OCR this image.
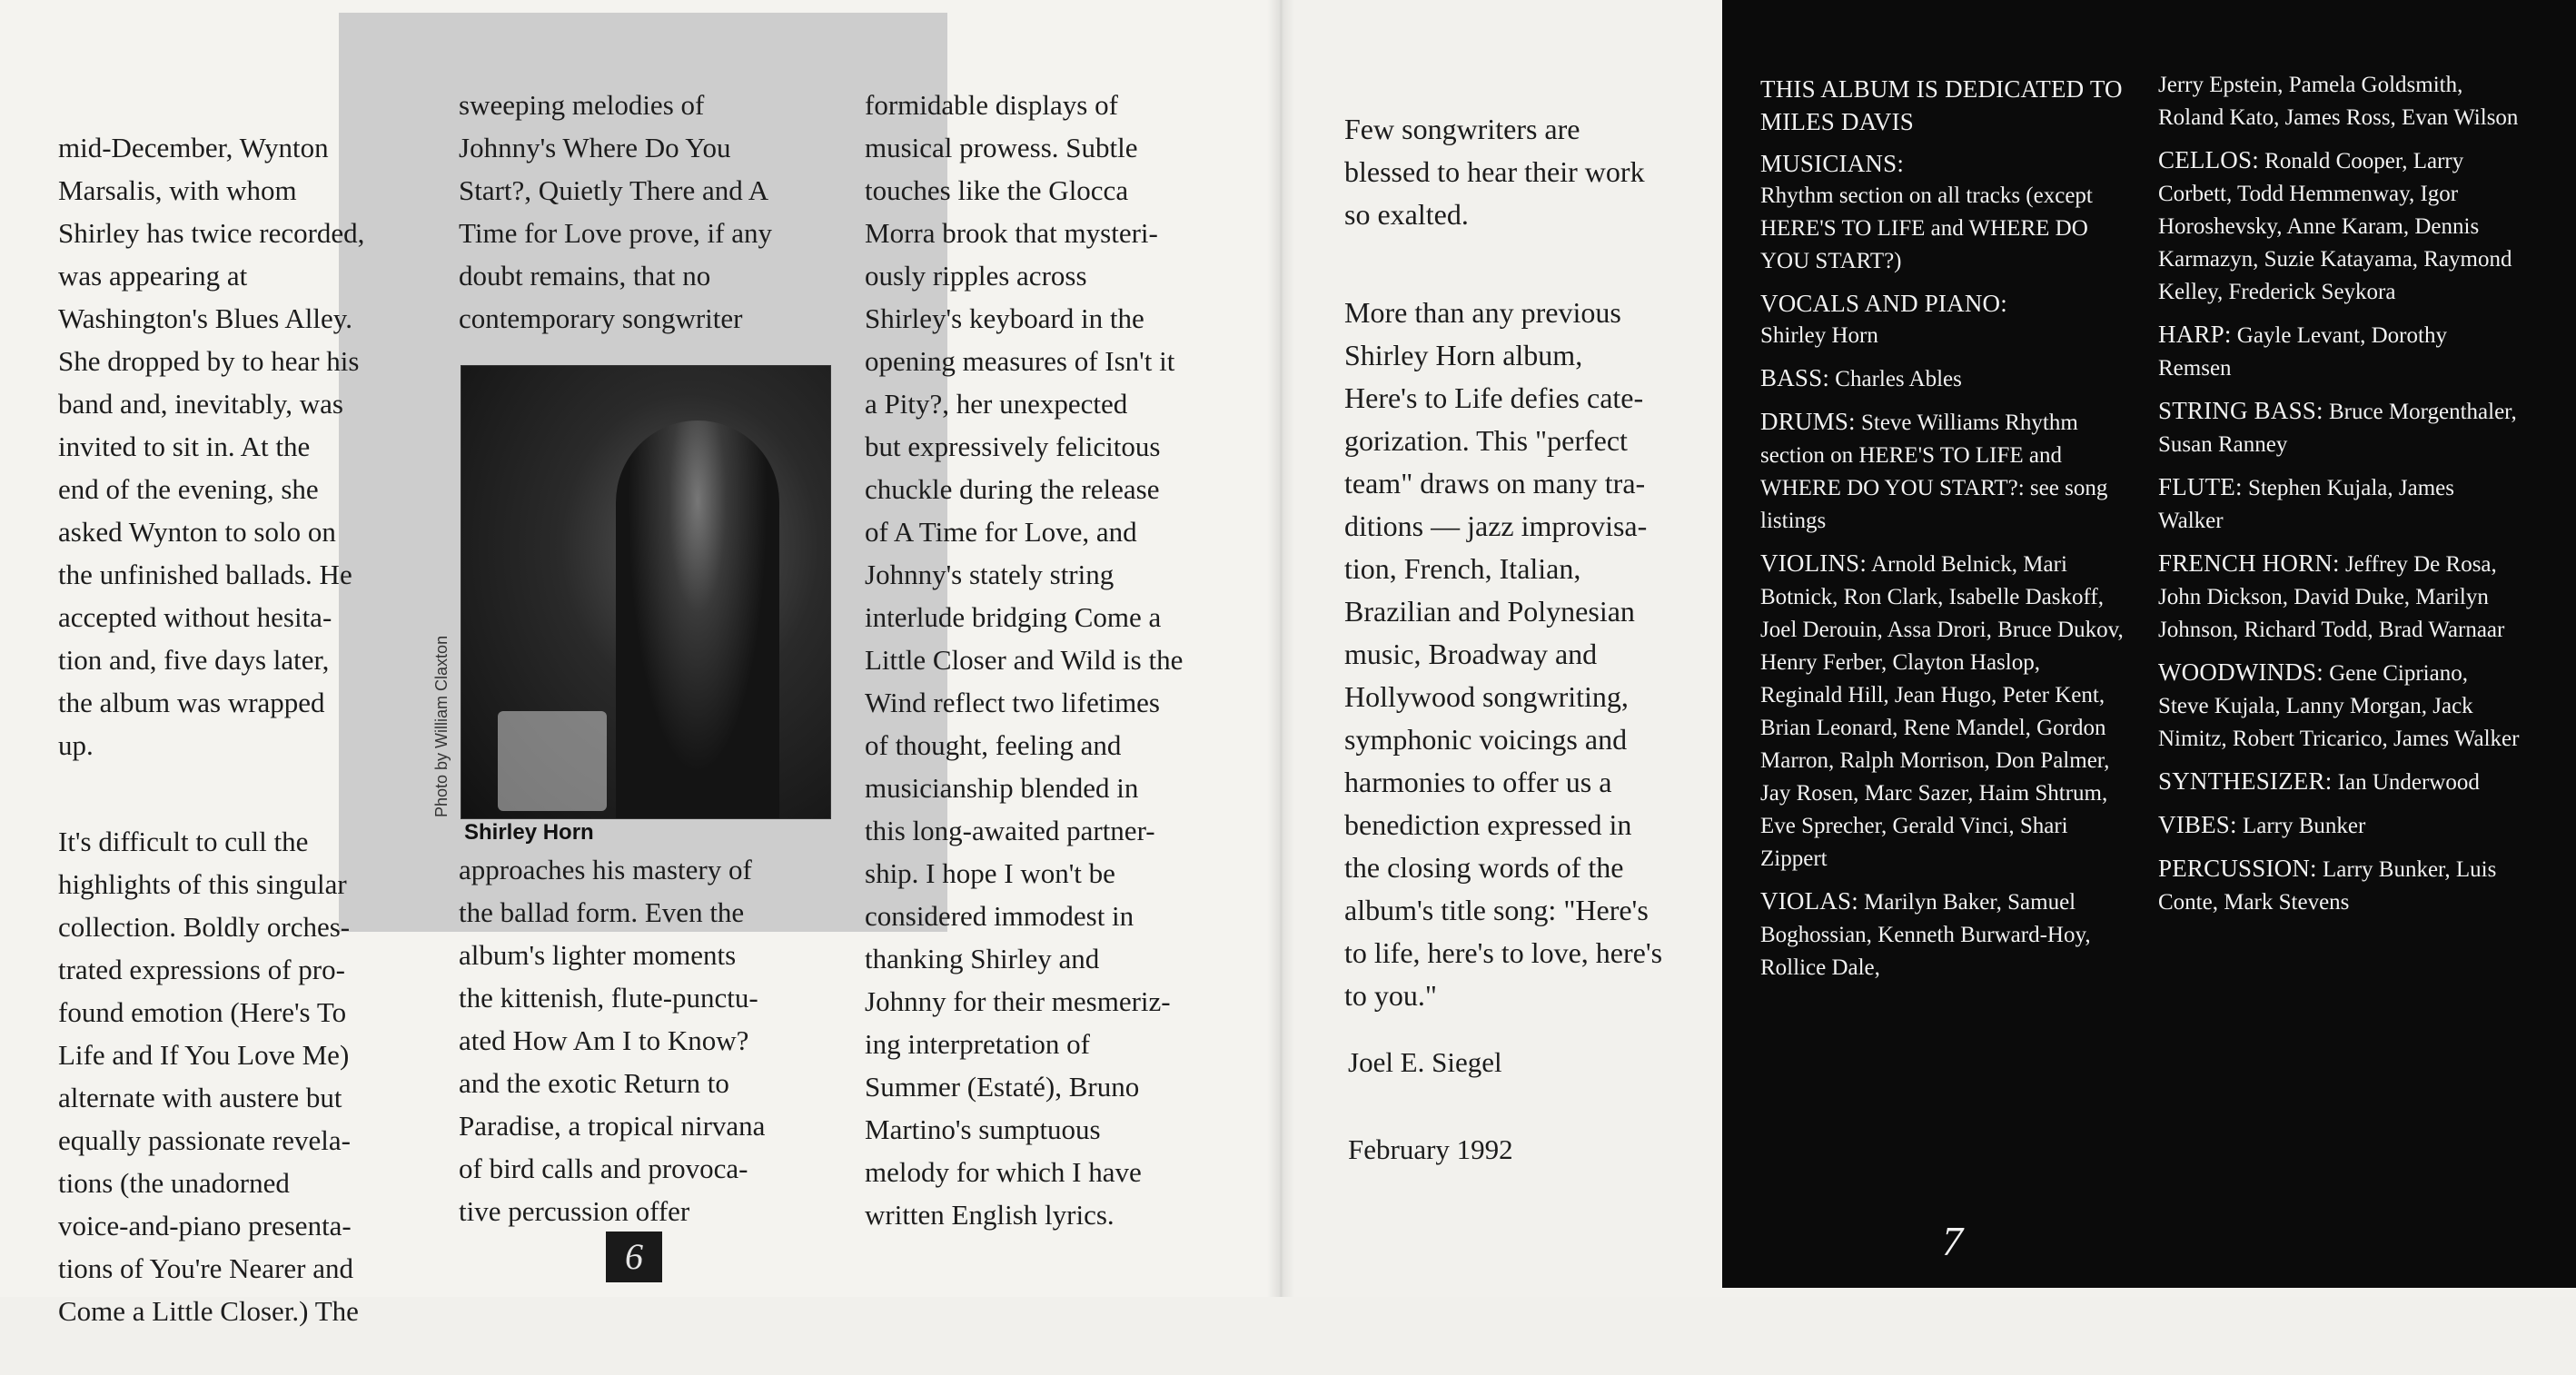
mid-December, Wynton
Marsalis, with whom
Shirley has twice recorded,
was appearing at
Washington's Blues Alley.
She dropped by to hear his
band and, inevitably, was
invited to sit in. At the
end of the evening, she
asked Wynton to solo on
the unfinished ballads. He
accepted without hesita-
tion and, five days later,
the album was wrapped
up.

It's difficult to cull the
highlights of this singular
collection. Boldly orches-
trated expressions of pro-
found emotion (Here's To
Life and If You Love Me)
alternate with austere but
equally passionate revela-
tions (the unadorned
voice-and-piano presenta-
tions of You're Nearer and
Come a Little Closer.) The

sweeping melodies of
Johnny's Where Do You
Start?, Quietly There and A
Time for Love prove, if any
doubt remains, that no
contemporary songwriter
Photo by William Claxton
Shirley Horn
approaches his mastery of
the ballad form. Even the
album's lighter moments
the kittenish, flute-punctu-
ated How Am I to Know?
and the exotic Return to
Paradise, a tropical nirvana
of bird calls and provoca-
tive percussion offer
formidable displays of
musical prowess. Subtle
touches like the Glocca
Morra brook that mysteri-
ously ripples across
Shirley's keyboard in the
opening measures of Isn't it
a Pity?, her unexpected
but expressively felicitous
chuckle during the release
of A Time for Love, and
Johnny's stately string
interlude bridging Come a
Little Closer and Wild is the
Wind reflect two lifetimes
of thought, feeling and
musicianship blended in
this long-awaited partner-
ship. I hope I won't be
considered immodest in
thanking Shirley and
Johnny for their mesmeriz-
ing interpretation of
Summer (Estaté), Bruno
Martino's sumptuous
melody for which I have
written English lyrics.
6

Few songwriters are
blessed to hear their work
so exalted.

More than any previous
Shirley Horn album,
Here's to Life defies cate-
gorization. This "perfect
team" draws on many tra-
ditions — jazz improvisa-
tion, French, Italian,
Brazilian and Polynesian
music, Broadway and
Hollywood songwriting,
symphonic voicings and
harmonies to offer us a
benediction expressed in
the closing words of the
album's title song: "Here's
to life, here's to love, here's
to you."

Joel E. Siegel

February 1992

THIS ALBUM IS DEDICATED TO MILES DAVIS
MUSICIANS:
Rhythm section on all tracks (except HERE'S TO LIFE and WHERE DO YOU START?)
VOCALS AND PIANO:
Shirley Horn
BASS: Charles Ables
DRUMS: Steve Williams Rhythm section on HERE'S TO LIFE and WHERE DO YOU START?: see song listings
VIOLINS: Arnold Belnick, Mari Botnick, Ron Clark, Isabelle Daskoff, Joel Derouin, Assa Drori, Bruce Dukov, Henry Ferber, Clayton Haslop, Reginald Hill, Jean Hugo, Peter Kent, Brian Leonard, Rene Mandel, Gordon Marron, Ralph Morrison, Don Palmer, Jay Rosen, Marc Sazer, Haim Shtrum, Eve Sprecher, Gerald Vinci, Shari Zippert
VIOLAS: Marilyn Baker, Samuel Boghossian, Kenneth Burward-Hoy, Rollice Dale,
Jerry Epstein, Pamela Goldsmith, Roland Kato, James Ross, Evan Wilson
CELLOS: Ronald Cooper, Larry Corbett, Todd Hemmenway, Igor Horoshevsky, Anne Karam, Dennis Karmazyn, Suzie Katayama, Raymond Kelley, Frederick Seykora
HARP: Gayle Levant, Dorothy Remsen
STRING BASS: Bruce Morgenthaler, Susan Ranney
FLUTE: Stephen Kujala, James Walker
FRENCH HORN: Jeffrey De Rosa, John Dickson, David Duke, Marilyn Johnson, Richard Todd, Brad Warnaar
WOODWINDS: Gene Cipriano, Steve Kujala, Lanny Morgan, Jack Nimitz, Robert Tricarico, James Walker
SYNTHESIZER: Ian Underwood
VIBES: Larry Bunker
PERCUSSION: Larry Bunker, Luis Conte, Mark Stevens
7
